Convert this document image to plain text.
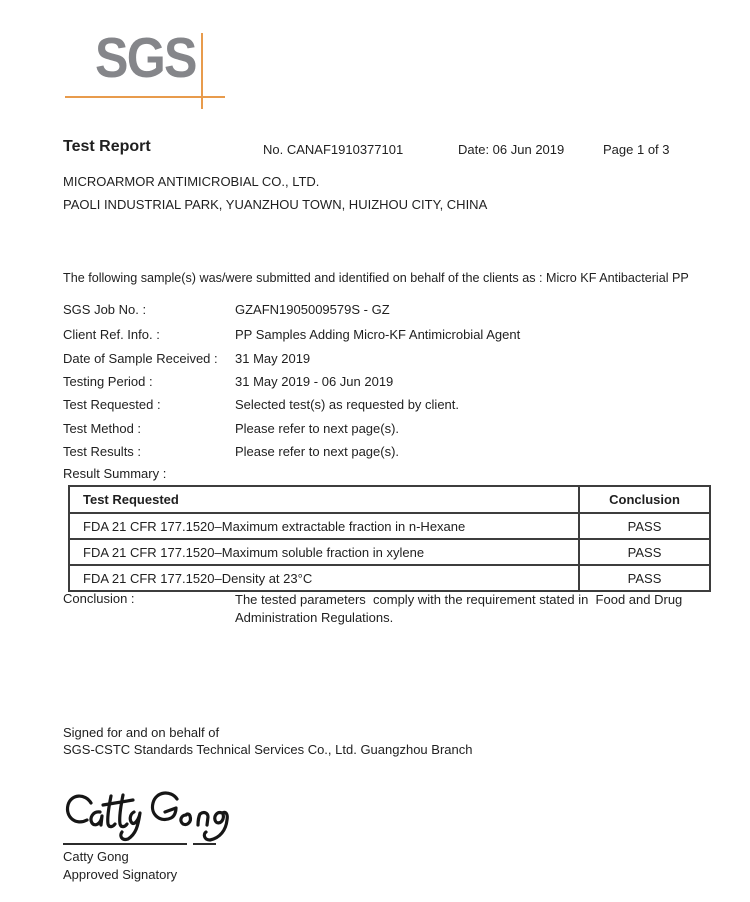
SGS
Test Report	No. CANAF1910377101	Date: 06 Jun 2019	Page 1 of 3
MICROARMOR ANTIMICROBIAL CO., LTD.
PAOLI INDUSTRIAL PARK, YUANZHOU TOWN, HUIZHOU CITY, CHINA
The following sample(s) was/were submitted and identified on behalf of the clients as : Micro KF Antibacterial PP
SGS Job No. :	GZAFN1905009579S - GZ
Client Ref. Info. :	PP Samples Adding Micro-KF Antimicrobial Agent
Date of Sample Received : 31 May 2019
Testing Period :	31 May 2019 - 06 Jun 2019
Test Requested :	Selected test(s) as requested by client.
Test Method :	Please refer to next page(s).
Test Results :	Please refer to next page(s).
Result Summary :
Test Requested	Conclusion
FDA 21 CFR 177.1520–Maximum extractable fraction in n-Hexane	PASS
FDA 21 CFR 177.1520–Maximum soluble fraction in xylene	PASS
FDA 21 CFR 177.1520–Density at 23°C	PASS
Conclusion :	The tested parameters  comply with the requirement stated in  Food and Drug
Administration Regulations.
Signed for and on behalf of
SGS-CSTC Standards Technical Services Co., Ltd. Guangzhou Branch
Catty Gong
Approved Signatory
